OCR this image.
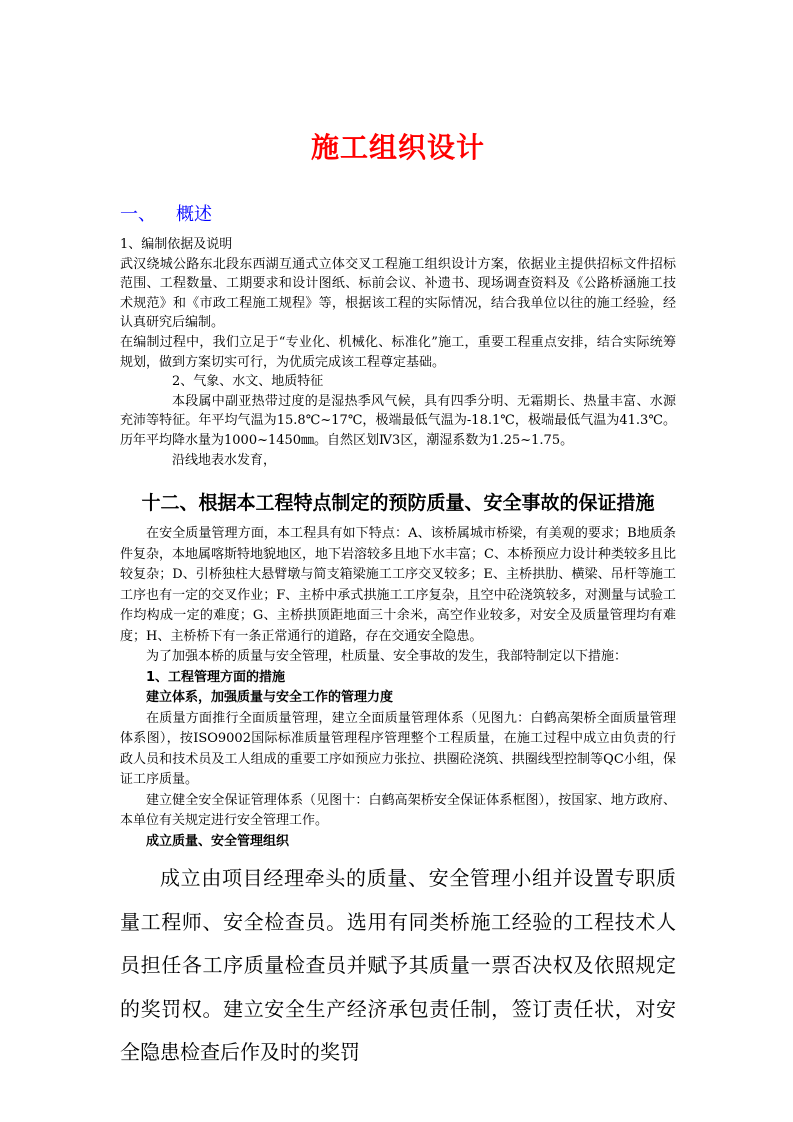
施工组织设计
一、 概述

1、编制依据及说明

武汉绕城公路东北段东西湖互通式立体交叉工程施工组织设计方案，依据业主提供招标文件招标范围、工程数量、工期要求和设计图纸、标前会议、补遗书、现场调查资料及《公路桥涵施工技术规范》和《市政工程施工规程》等，根据该工程的实际情况，结合我单位以往的施工经验，经认真研究后编制。

在编制过程中，我们立足于“专业化、机械化、标准化”施工，重要工程重点安排，结合实际统筹规划，做到方案切实可行，为优质完成该工程尊定基础。

2、气象、水文、地质特征

本段属中副亚热带过度的是湿热季风气候，具有四季分明、无霜期长、热量丰富、水源充沛等特征。年平均气温为15.8℃~17℃，极端最低气温为-18.1℃，极端最低气温为41.3℃。历年平均降水量为1000~1450㎜。自然区划Ⅳ3区，潮湿系数为1.25~1.75。

沿线地表水发育，

十二、根据本工程特点制定的预防质量、安全事故的保证措施

在安全质量管理方面，本工程具有如下特点：A、该桥属城市桥梁，有美观的要求；B地质条件复杂，本地属喀斯特地貌地区，地下岩溶较多且地下水丰富；C、本桥预应力设计种类较多且比较复杂；D、引桥独柱大悬臂墩与简支箱梁施工工序交叉较多；E、主桥拱肋、横梁、吊杆等施工工序也有一定的交叉作业；F、主桥中承式拱施工工序复杂，且空中砼浇筑较多，对测量与试验工作均构成一定的难度；G、主桥拱顶距地面三十余米，高空作业较多，对安全及质量管理均有难度；H、主桥桥下有一条正常通行的道路，存在交通安全隐患。

为了加强本桥的质量与安全管理，杜质量、安全事故的发生，我部特制定以下措施：

1、工程管理方面的措施

建立体系，加强质量与安全工作的管理力度

在质量方面推行全面质量管理，建立全面质量管理体系（见图九：白鹤高架桥全面质量管理体系图），按ISO9002国际标准质量管理程序管理整个工程质量，在施工过程中成立由负责的行政人员和技术员及工人组成的重要工序如预应力张拉、拱圈砼浇筑、拱圈线型控制等QC小组，保证工序质量。

建立健全安全保证管理体系（见图十：白鹤高架桥安全保证体系框图），按国家、地方政府、本单位有关规定进行安全管理工作。

成立质量、安全管理组织

成立由项目经理牵头的质量、安全管理小组并设置专职质量工程师、安全检查员。选用有同类桥施工经验的工程技术人员担任各工序质量检查员并赋予其质量一票否决权及依照规定的奖罚权。建立安全生产经济承包责任制，签订责任状，对安全隐患检查后作及时的奖罚
